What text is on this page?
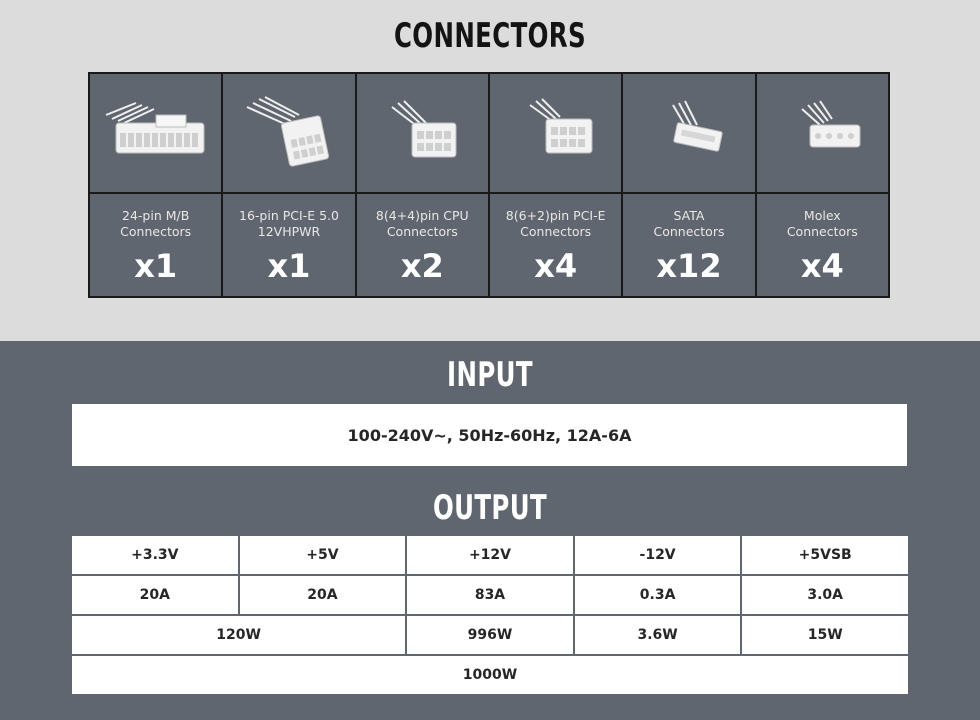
CONNECTORS
24-pin M/B
Connectors
x1
16-pin PCI-E 5.0
12VHPWR
x1
8(4+4)pin CPU
Connectors
x2
8(6+2)pin PCI-E
Connectors
x4
SATA
Connectors
x12
Molex
Connectors
x4
INPUT
100-240V~, 50Hz-60Hz, 12A-6A
OUTPUT
+3.3V	+5V	+12V	-12V	+5VSB
20A	20A	83A	0.3A	3.0A
120W	996W	3.6W	15W
1000W
